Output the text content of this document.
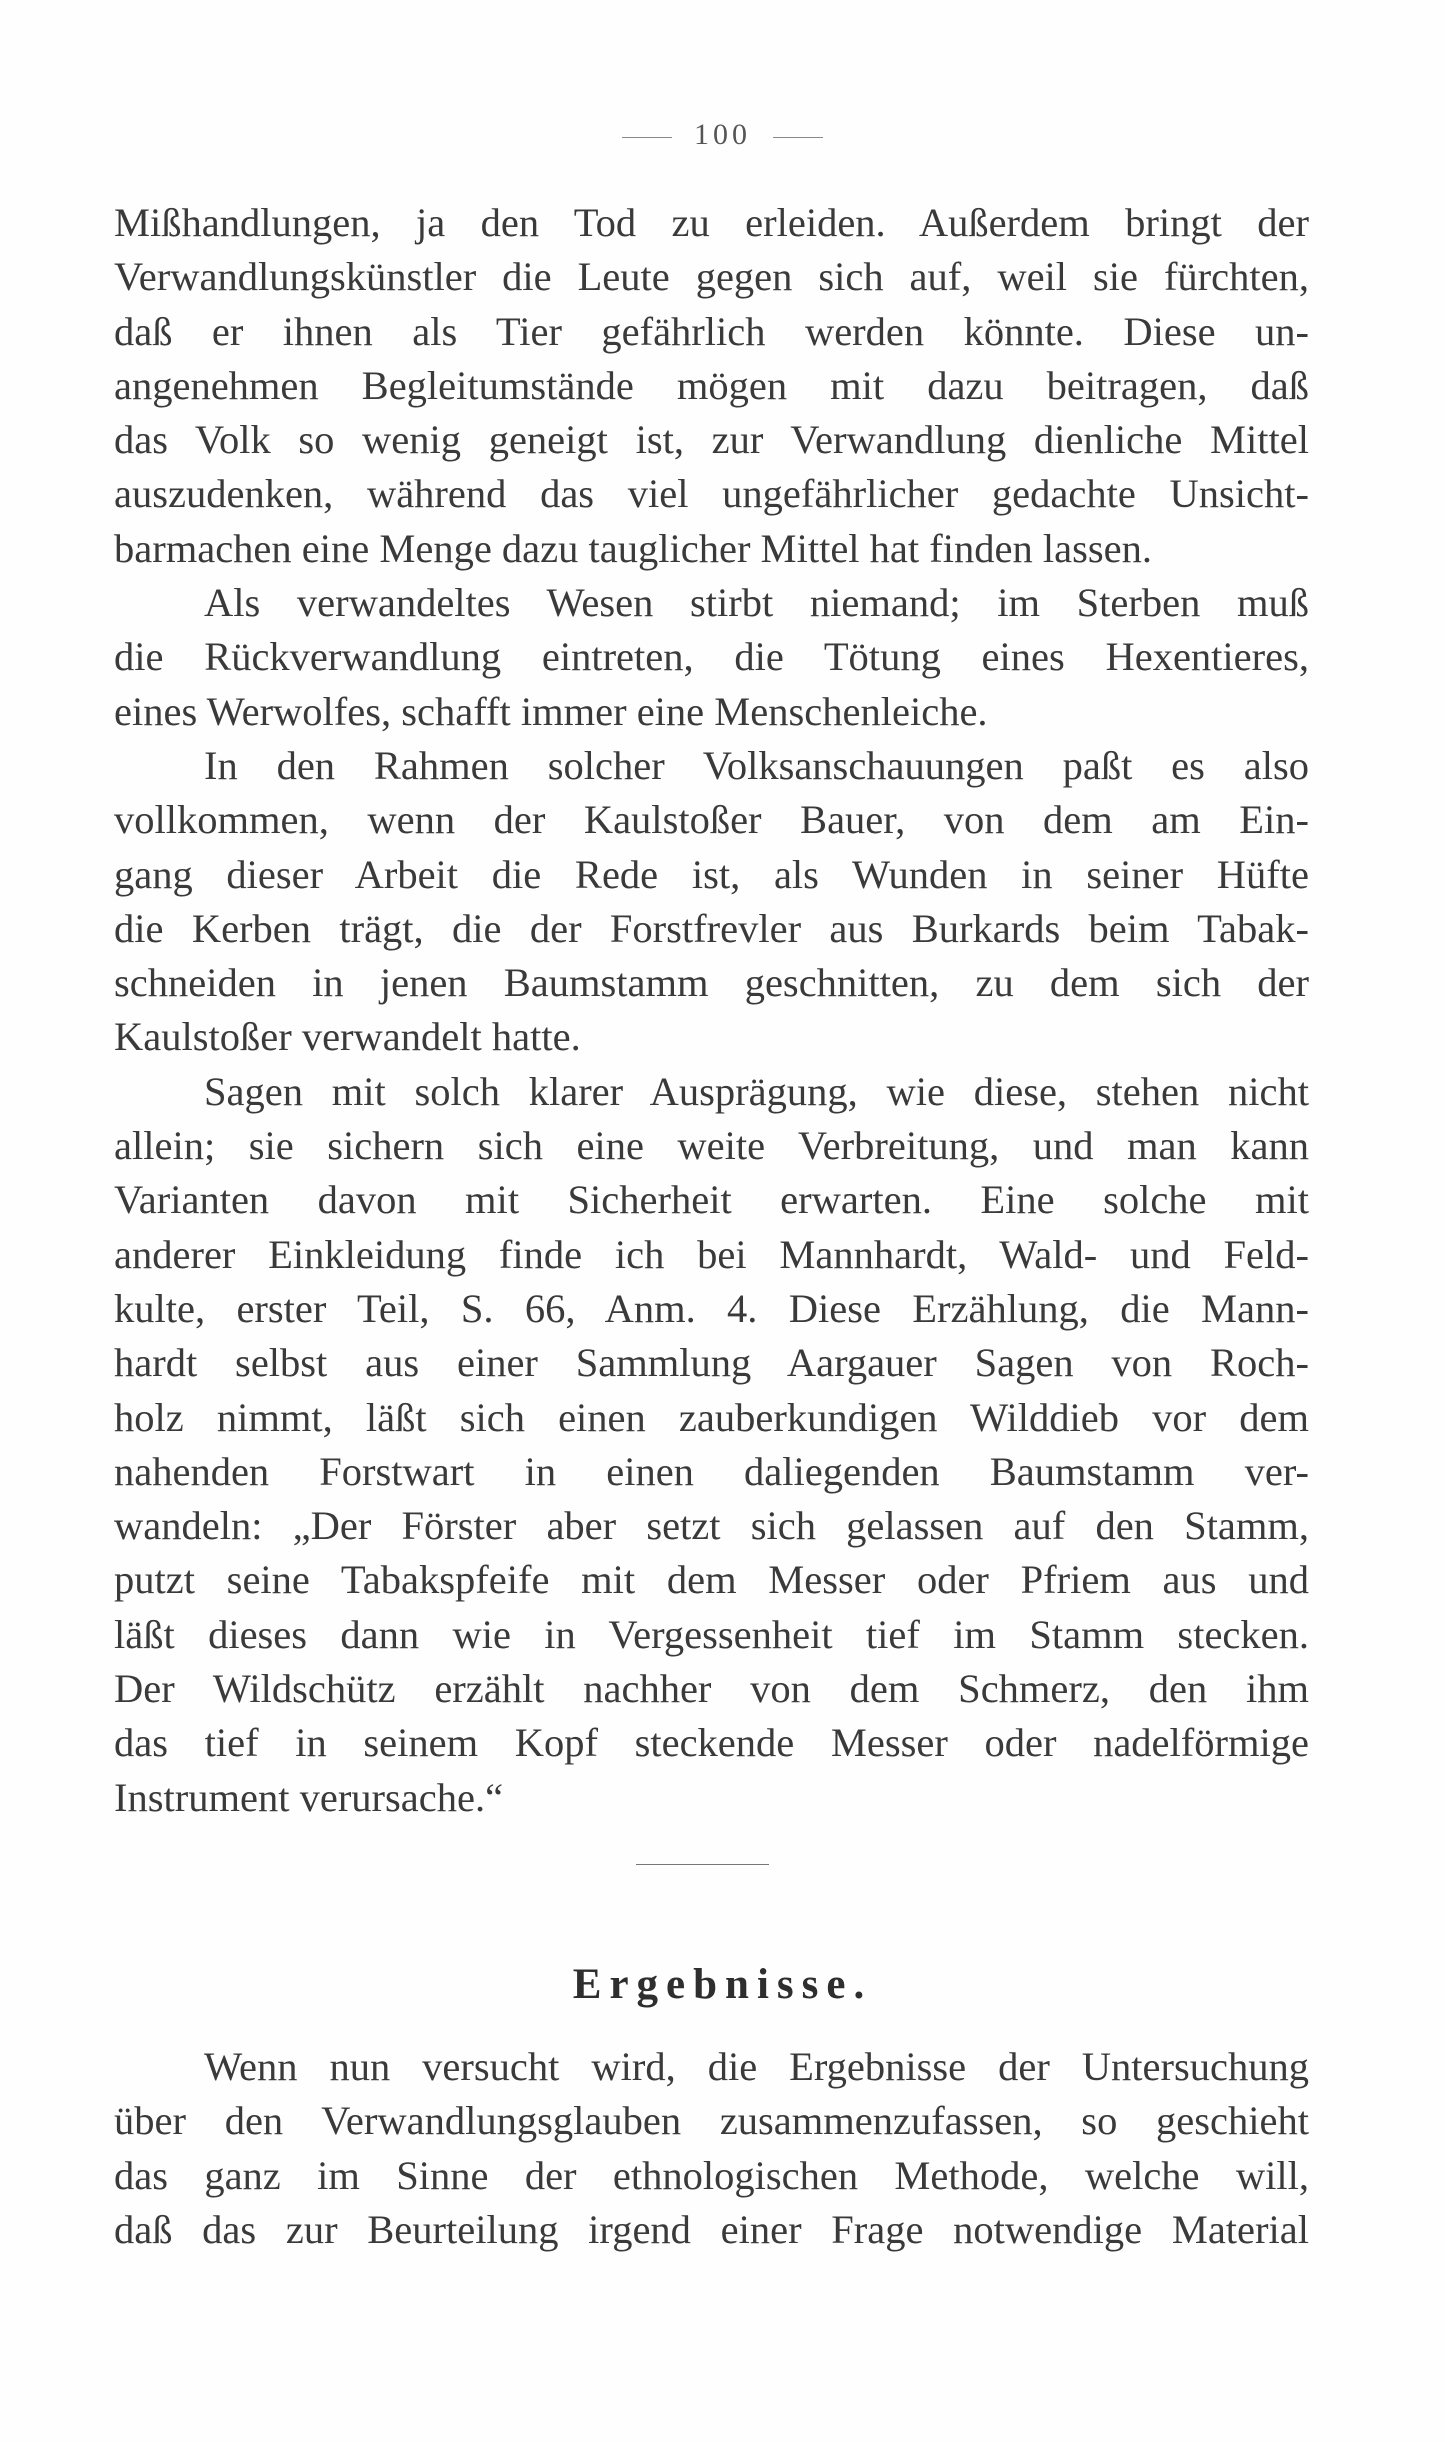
100

Mißhandlungen, ja den Tod zu erleiden. Außerdem bringt der
Verwandlungskünstler die Leute gegen sich auf, weil sie fürchten,
daß er ihnen als Tier gefährlich werden könnte. Diese un-
angenehmen Begleitumstände mögen mit dazu beitragen, daß
das Volk so wenig geneigt ist, zur Verwandlung dienliche Mittel
auszudenken, während das viel ungefährlicher gedachte Unsicht-
barmachen eine Menge dazu tauglicher Mittel hat finden lassen.

Als verwandeltes Wesen stirbt niemand; im Sterben muß
die Rückverwandlung eintreten, die Tötung eines Hexentieres,
eines Werwolfes, schafft immer eine Menschenleiche.

In den Rahmen solcher Volksanschauungen paßt es also
vollkommen, wenn der Kaulstoßer Bauer, von dem am Ein-
gang dieser Arbeit die Rede ist, als Wunden in seiner Hüfte
die Kerben trägt, die der Forstfrevler aus Burkards beim Tabak-
schneiden in jenen Baumstamm geschnitten, zu dem sich der
Kaulstoßer verwandelt hatte.

Sagen mit solch klarer Ausprägung, wie diese, stehen nicht
allein; sie sichern sich eine weite Verbreitung, und man kann
Varianten davon mit Sicherheit erwarten. Eine solche mit
anderer Einkleidung finde ich bei Mannhardt, Wald- und Feld-
kulte, erster Teil, S. 66, Anm. 4. Diese Erzählung, die Mann-
hardt selbst aus einer Sammlung Aargauer Sagen von Roch-
holz nimmt, läßt sich einen zauberkundigen Wilddieb vor dem
nahenden Forstwart in einen daliegenden Baumstamm ver-
wandeln: „Der Förster aber setzt sich gelassen auf den Stamm,
putzt seine Tabakspfeife mit dem Messer oder Pfriem aus und
läßt dieses dann wie in Vergessenheit tief im Stamm stecken.
Der Wildschütz erzählt nachher von dem Schmerz, den ihm
das tief in seinem Kopf steckende Messer oder nadelförmige
Instrument verursache.“

Ergebnisse.

Wenn nun versucht wird, die Ergebnisse der Untersuchung
über den Verwandlungsglauben zusammenzufassen, so geschieht
das ganz im Sinne der ethnologischen Methode, welche will,
daß das zur Beurteilung irgend einer Frage notwendige Material
